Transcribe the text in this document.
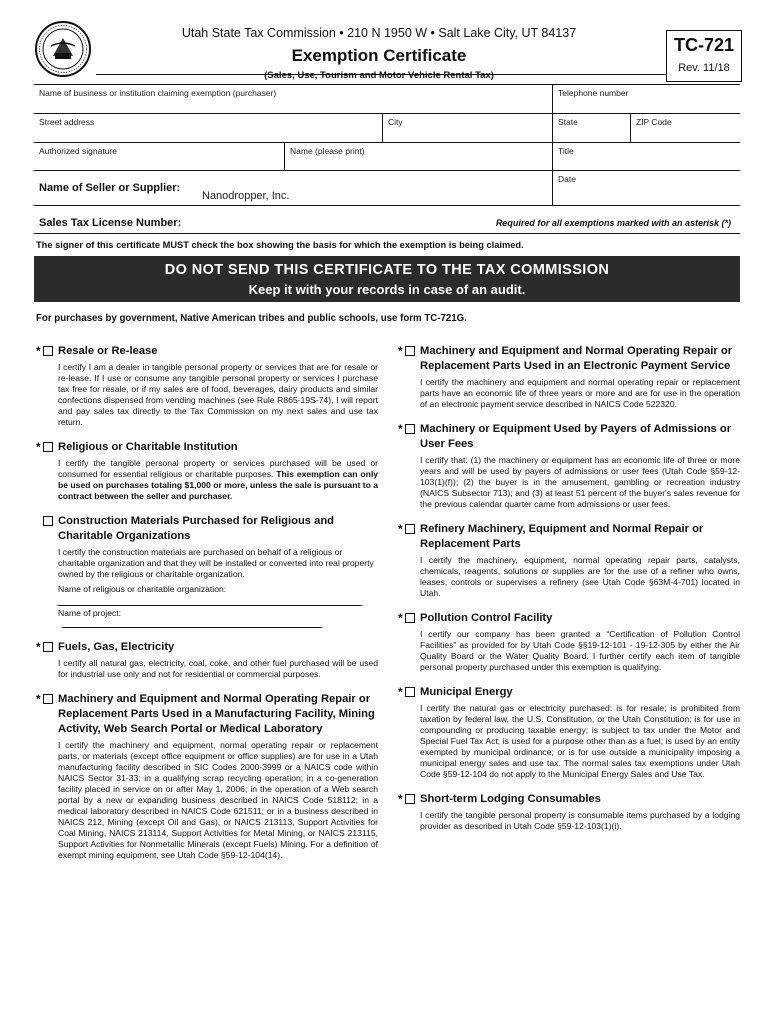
Utah State Tax Commission • 210 N 1950 W • Salt Lake City, UT 84137
Exemption Certificate
(Sales, Use, Tourism and Motor Vehicle Rental Tax)
TC-721
Rev. 11/18
Name of business or institution claiming exemption (purchaser)	Telephone number
Street address	City	State	ZIP Code
Authorized signature	Name (please print)	Title
Name of Seller or Supplier:
Nanodropper, Inc.
Date
Sales Tax License Number:	Required for all exemptions marked with an asterisk (*)
The signer of this certificate MUST check the box showing the basis for which the exemption is being claimed.
DO NOT SEND THIS CERTIFICATE TO THE TAX COMMISSION
Keep it with your records in case of an audit.
For purchases by government, Native American tribes and public schools, use form TC-721G.
*	Resale or Re-lease
I certify I am a dealer in tangible personal property or services that are for resale or re-lease. If I use or consume any tangible personal property or services I purchase tax free for resale, or if my sales are of food, beverages, dairy products and similar confections dispensed from vending machines (see Rule R865-19S-74), I will report and pay sales tax directly to the Tax Commission on my next sales and use tax return.
*	Religious or Charitable Institution
I certify the tangible personal property or services purchased will be used or consumed for essential religious or charitable purposes. This exemption can only be used on purchases totaling $1,000 or more, unless the sale is pursuant to a contract between the seller and purchaser.
Construction Materials Purchased for Religious and Charitable Organizations
I certify the construction materials are purchased on behalf of a religious or charitable organization and that they will be installed or converted into real property owned by the religious or charitable organization.
Name of religious or charitable organization:
Name of project:
*	Fuels, Gas, Electricity
I certify all natural gas, electricity, coal, coke, and other fuel purchased will be used for industrial use only and not for residential or commercial purposes.
*	Machinery and Equipment and Normal Operating Repair or Replacement Parts Used in a Manufacturing Facility, Mining Activity, Web Search Portal or Medical Laboratory
I certify the machinery and equipment, normal operating repair or replacement parts, or materials (except office equipment or office supplies) are for use in a Utah manufacturing facility described in SIC Codes 2000-3999 or a NAICS code within NAICS Sector 31-33; in a qualifying scrap recycling operation; in a co-generation facility placed in service on or after May 1, 2006; in the operation of a Web search portal by a new or expanding business described in NAICS Code 518112; in a medical laboratory described in NAICS Code 621511; or in a business described in NAICS 212, Mining (except Oil and Gas), or NAICS 213113, Support Activities for Coal Mining, NAICS 213114, Support Activities for Metal Mining, or NAICS 213115, Support Activities for Nonmetallic Minerals (except Fuels) Mining. For a definition of exempt mining equipment, see Utah Code §59-12-104(14).
*	Machinery and Equipment and Normal Operating Repair or Replacement Parts Used in an Electronic Payment Service
I certify the machinery and equipment and normal operating repair or replacement parts have an economic life of three years or more and are for use in the operation of an electronic payment service described in NAICS Code 522320.
*	Machinery or Equipment Used by Payers of Admissions or User Fees
I certify that: (1) the machinery or equipment has an economic life of three or more years and will be used by payers of admissions or user fees (Utah Code §59-12-103(1)(f)); (2) the buyer is in the amusement, gambling or recreation industry (NAICS Subsector 713); and (3) at least 51 percent of the buyer's sales revenue for the previous calendar quarter came from admissions or user fees.
*	Refinery Machinery, Equipment and Normal Repair or Replacement Parts
I certify the machinery, equipment, normal operating repair parts, catalysts, chemicals, reagents, solutions or supplies are for the use of a refiner who owns, leases, controls or supervises a refinery (see Utah Code §63M-4-701) located in Utah.
*	Pollution Control Facility
I certify our company has been granted a “Certification of Pollution Control Facilities” as provided for by Utah Code §§19-12-101 - 19-12-305 by either the Air Quality Board or the Water Quality Board. I further certify each item of tangible personal property purchased under this exemption is qualifying.
*	Municipal Energy
I certify the natural gas or electricity purchased: is for resale; is prohibited from taxation by federal law, the U.S. Constitution, or the Utah Constitution; is for use in compounding or producing taxable energy; is subject to tax under the Motor and Special Fuel Tax Act; is used for a purpose other than as a fuel; is used by an entity exempted by municipal ordinance; or is for use outside a municipality imposing a municipal energy sales and use tax. The normal sales tax exemptions under Utah Code §59-12-104 do not apply to the Municipal Energy Sales and Use Tax.
*	Short-term Lodging Consumables
I certify the tangible personal property is consumable items purchased by a lodging provider as described in Utah Code §59-12-103(1)(i).
